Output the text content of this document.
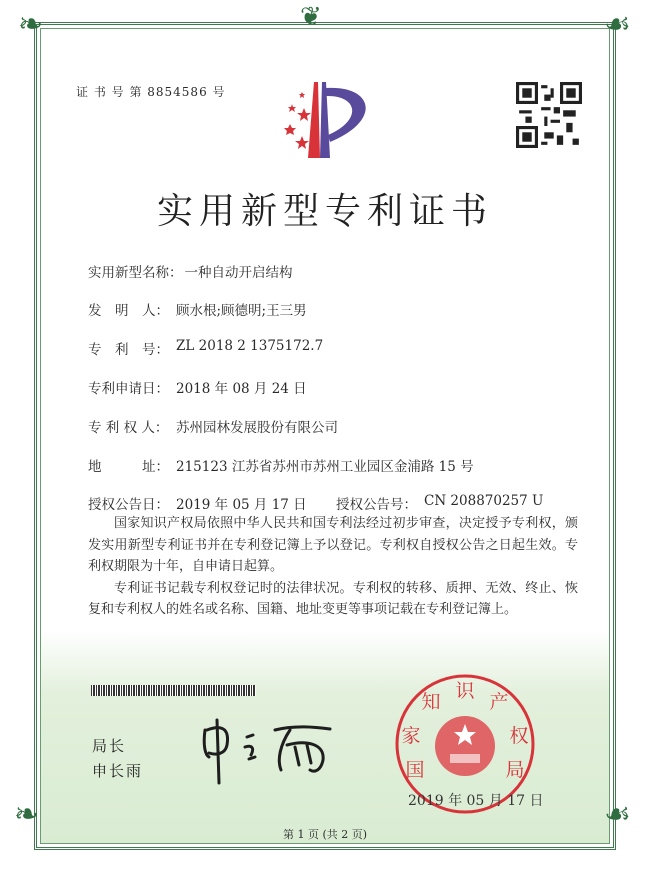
❦
❧	☙
❧	☙
证 书 号 第 8854586 号
实用新型专利证书
实用新型名称： 一种自动开启结构
发　明　人： 顾水根;顾德明;王三男
专　利　号： ZL 2018 2 1375172.7
专利申请日： 2018 年 08 月 24 日
专 利 权 人： 苏州园林发展股份有限公司
地　　　址： 215123 江苏省苏州市苏州工业园区金浦路 15 号
授权公告日： 2019 年 05 月 17 日 授权公告号： CN 208870257 U

国家知识产权局依照中华人民共和国专利法经过初步审查，决定授予专利权，颁发实用新型专利证书并在专利登记簿上予以登记。专利权自授权公告之日起生效。专利权期限为十年，自申请日起算。

专利证书记载专利权登记时的法律状况。专利权的转移、质押、无效、终止、恢复和专利权人的姓名或名称、国籍、地址变更等事项记载在专利登记簿上。

局长
申长雨	国
家
知 识 产
权
局
2019 年 05 月 17 日
第 1 页 (共 2 页)
